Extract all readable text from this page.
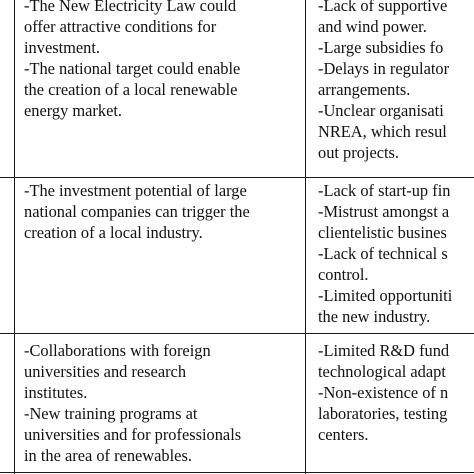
-The New Electricity Law could
offer attractive conditions for
investment.
-The national target could enable
the creation of a local renewable
energy market.
-Lack of supportive
and wind power.
-Large subsidies fo
-Delays in regulator
arrangements.
-Unclear organisati
NREA, which resul
out projects.
-The investment potential of large
national companies can trigger the
creation of a local industry.
-Lack of start-up fin
-Mistrust amongst a
clientelistic busines
-Lack of technical s
control.
-Limited opportuniti
the new industry.
-Collaborations with foreign
universities and research
institutes.
-New training programs at
universities and for professionals
in the area of renewables.
-Limited R&D fund
technological adapt
-Non-existence of n
laboratories, testing
centers.
